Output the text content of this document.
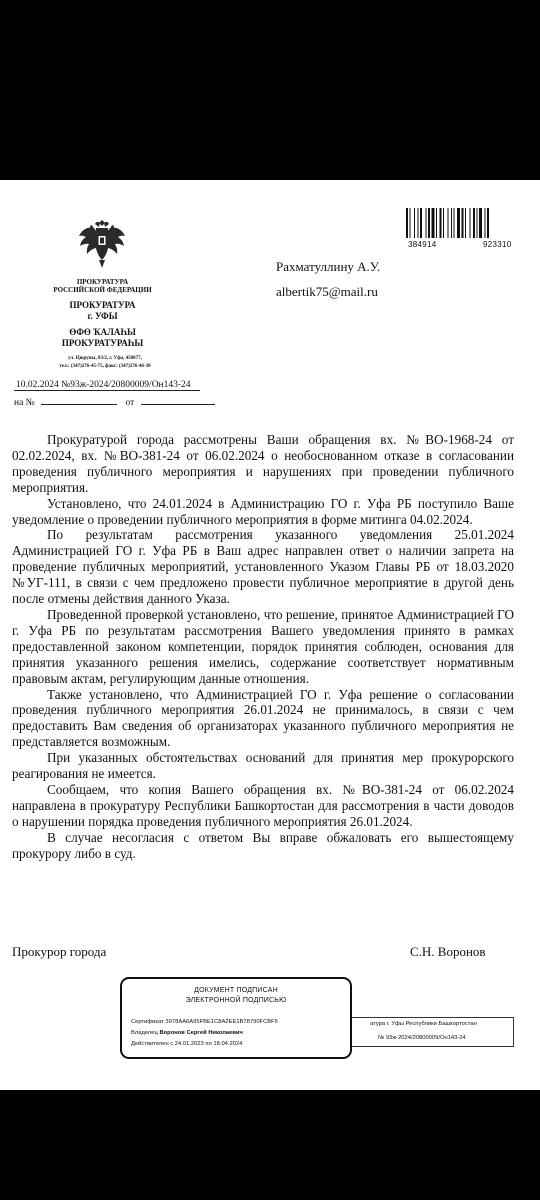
384914	923310
ПРОКУРАТУРА
РОССИЙСКОЙ ФЕДЕРАЦИИ
ПРОКУРАТУРА
г. УФЫ
ӨФӨ ҠАЛАҺЫ
ПРОКУРАТУРАҺЫ
ул. Цюрупы, 83/2, г. Уфа, 450077,
тел.: (347)276-45-75, факс: (347)276-46-30
10.02.2024 №93ж-2024/20800009/Он143-24
на №	от
Рахматуллину А.У.
albertik75@mail.ru

Прокуратурой города рассмотрены Ваши обращения вх. №ВО-1968-24 от 02.02.2024, вх. №ВО-381-24 от 06.02.2024 о необоснованном отказе в согласовании проведения публичного мероприятия и нарушениях при проведении публичного мероприятия.

Установлено, что 24.01.2024 в Администрацию ГО г. Уфа РБ поступило Ваше уведомление о проведении публичного мероприятия в форме митинга 04.02.2024.

По результатам рассмотрения указанного уведомления 25.01.2024 Администрацией ГО г. Уфа РБ в Ваш адрес направлен ответ о наличии запрета на проведение публичных мероприятий, установленного Указом Главы РБ от 18.03.2020 №УГ-111, в связи с чем предложено провести публичное мероприятие в другой день после отмены действия данного Указа.

Проведенной проверкой установлено, что решение, принятое Администрацией ГО г. Уфа РБ по результатам рассмотрения Вашего уведомления принято в рамках предоставленной законом компетенции, порядок принятия соблюден, основания для принятия указанного решения имелись, содержание соответствует нормативным правовым актам, регулирующим данные отношения.

Также установлено, что Администрацией ГО г. Уфа решение о согласовании проведения публичного мероприятия 26.01.2024 не принималось, в связи с чем предоставить Вам сведения об организаторах указанного публичного мероприятия не представляется возможным.

При указанных обстоятельствах оснований для принятия мер прокурорского реагирования не имеется.

Сообщаем, что копия Вашего обращения вх. №ВО-381-24 от 06.02.2024 направлена в прокуратуру Республики Башкортостан для рассмотрения в части доводов о нарушении порядка проведения публичного мероприятия 26.01.2024.

В случае несогласия с ответом Вы вправе обжаловать его вышестоящему прокурору либо в суд.

Прокурор города	С.Н. Воронов
атура г. Уфы Республики Башкортостан
№ 93ж-2024/20800009/Он143-24
ДОКУМЕНТ ПОДПИСАН
ЭЛЕКТРОННОЙ ПОДПИСЬЮ
Сертификат 3978АА6А95FBE1C8A2EE1B78790FCBF5
Владелец Воронов Сергей Николаевич
Действителен с 24.01.2023 по 18.04.2024
